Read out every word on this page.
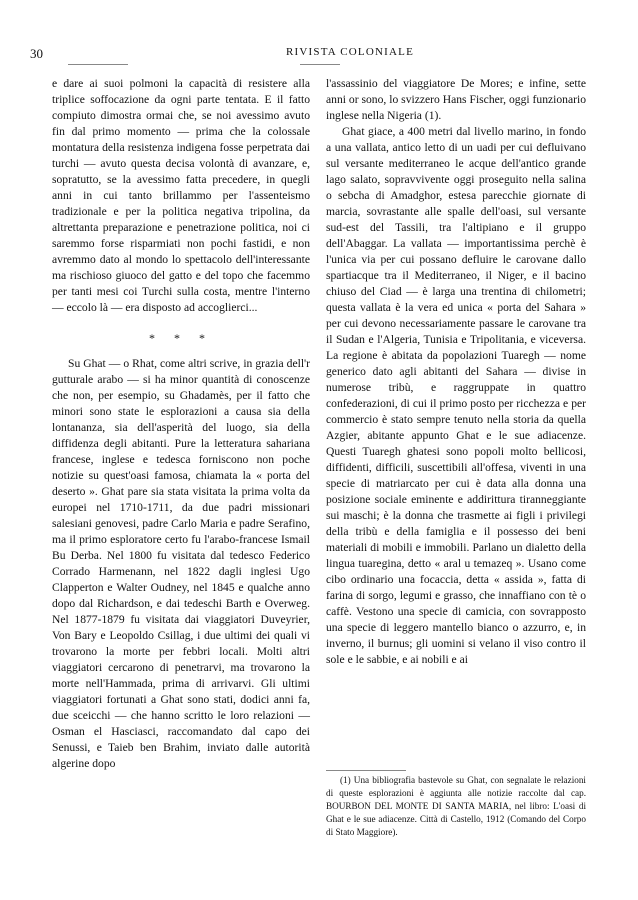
30	RIVISTA COLONIALE

e dare ai suoi polmoni la capacità di resistere alla triplice soffocazione da ogni parte tentata. E il fatto compiuto dimostra ormai che, se noi avessimo avuto fin dal primo momento — prima che la colossale montatura della resistenza indigena fosse perpetrata dai turchi — avuto questa decisa volontà di avanzare, e, sopratutto, se la avessimo fatta precedere, in quegli anni in cui tanto brillammo per l'assenteismo tradizionale e per la politica negativa tripolina, da altrettanta preparazione e penetrazione politica, noi ci saremmo forse risparmiati non pochi fastidi, e non avremmo dato al mondo lo spettacolo dell'interessante ma rischioso giuoco del gatto e del topo che facemmo per tanti mesi coi Turchi sulla costa, mentre l'interno — eccolo là — era disposto ad accoglierci...

* * *

Su Ghat — o Rhat, come altri scrive, in grazia dell'r gutturale arabo — si ha minor quantità di conoscenze che non, per esempio, su Ghadamès, per il fatto che minori sono state le esplorazioni a causa sia della lontananza, sia dell'asperità del luogo, sia della diffidenza degli abitanti. Pure la letteratura sahariana francese, inglese e tedesca forniscono non poche notizie su quest'oasi famosa, chiamata la « porta del deserto ». Ghat pare sia stata visitata la prima volta da europei nel 1710-1711, da due padri missionari salesiani genovesi, padre Carlo Maria e padre Serafino, ma il primo esploratore certo fu l'arabo-francese Ismail Bu Derba. Nel 1800 fu visitata dal tedesco Federico Corrado Harmenann, nel 1822 dagli inglesi Ugo Clapperton e Walter Oudney, nel 1845 e qualche anno dopo dal Richardson, e dai tedeschi Barth e Overweg. Nel 1877-1879 fu visitata dai viaggiatori Duveyrier, Von Bary e Leopoldo Csillag, i due ultimi dei quali vi trovarono la morte per febbri locali. Molti altri viaggiatori cercarono di penetrarvi, ma trovarono la morte nell'Hammada, prima di arrivarvi. Gli ultimi viaggiatori fortunati a Ghat sono stati, dodici anni fa, due sceicchi — che hanno scritto le loro relazioni — Osman el Hasciasci, raccomandato dal capo dei Senussi, e Taieb ben Brahim, inviato dalle autorità algerine dopo

l'assassinio del viaggiatore De Mores; e infine, sette anni or sono, lo svizzero Hans Fischer, oggi funzionario inglese nella Nigeria (1).

Ghat giace, a 400 metri dal livello marino, in fondo a una vallata, antico letto di un uadi per cui defluivano sul versante mediterraneo le acque dell'antico grande lago salato, sopravvivente oggi proseguito nella salina o sebcha di Amadghor, estesa parecchie giornate di marcia, sovrastante alle spalle dell'oasi, sul versante sud-est del Tassili, tra l'altipiano e il gruppo dell'Abaggar. La vallata — importantissima perchè è l'unica via per cui possano defluire le carovane dallo spartiacque tra il Mediterraneo, il Niger, e il bacino chiuso del Ciad — è larga una trentina di chilometri; questa vallata è la vera ed unica « porta del Sahara » per cui devono necessariamente passare le carovane tra il Sudan e l'Algeria, Tunisia e Tripolitania, e viceversa. La regione è abitata da popolazioni Tuaregh — nome generico dato agli abitanti del Sahara — divise in numerose tribù, e raggruppate in quattro confederazioni, di cui il primo posto per ricchezza e per commercio è stato sempre tenuto nella storia da quella Azgier, abitante appunto Ghat e le sue adiacenze. Questi Tuaregh ghatesi sono popoli molto bellicosi, diffidenti, difficili, suscettibili all'offesa, viventi in una specie di matriarcato per cui è data alla donna una posizione sociale eminente e addirittura tiranneggiante sui maschi; è la donna che trasmette ai figli i privilegi della tribù e della famiglia e il possesso dei beni materiali di mobili e immobili. Parlano un dialetto della lingua tuaregina, detto « aral u temazeq ». Usano come cibo ordinario una focaccia, detta « assida », fatta di farina di sorgo, legumi e grasso, che innaffiano con tè o caffè. Vestono una specie di camicia, con sovrapposto una specie di leggero mantello bianco o azzurro, e, in inverno, il burnus; gli uomini si velano il viso contro il sole e le sabbie, e ai nobili e ai

(1) Una bibliografia bastevole su Ghat, con segnalate le relazioni di queste esplorazioni è aggiunta alle notizie raccolte dal cap. BOURBON DEL MONTE DI SANTA MARIA, nel libro: L'oasi di Ghat e le sue adiacenze. Città di Castello, 1912 (Comando del Corpo di Stato Maggiore).
